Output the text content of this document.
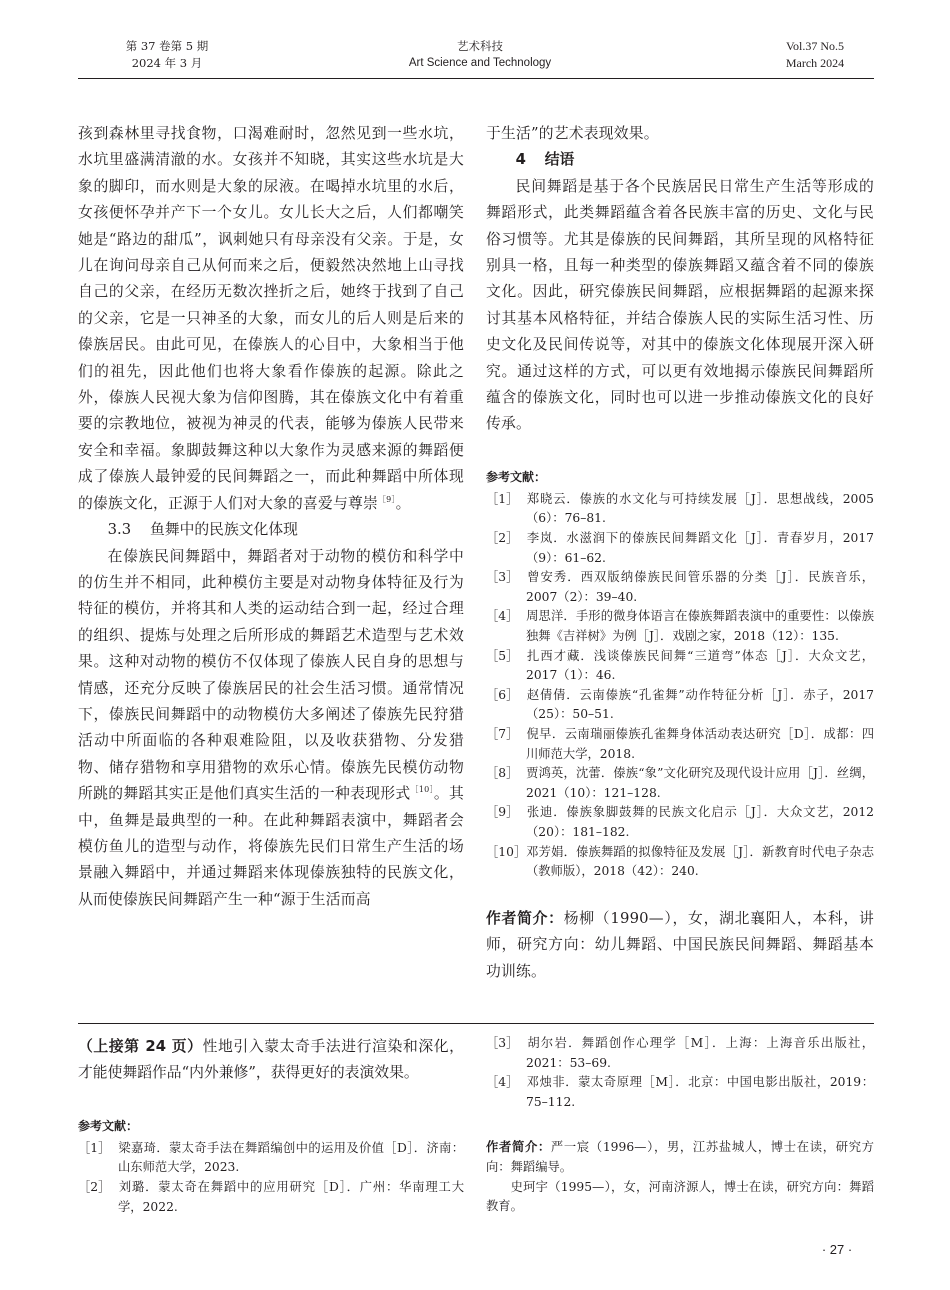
第 37 卷第 5 期
2024 年 3 月
艺术科技
Art Science and Technology
Vol.37 No.5
March 2024

孩到森林里寻找食物，口渴难耐时，忽然见到一些水坑，水坑里盛满清澈的水。女孩并不知晓，其实这些水坑是大象的脚印，而水则是大象的尿液。在喝掉水坑里的水后，女孩便怀孕并产下一个女儿。女儿长大之后，人们都嘲笑她是“路边的甜瓜”，讽刺她只有母亲没有父亲。于是，女儿在询问母亲自己从何而来之后，便毅然决然地上山寻找自己的父亲，在经历无数次挫折之后，她终于找到了自己的父亲，它是一只神圣的大象，而女儿的后人则是后来的傣族居民。由此可见，在傣族人的心目中，大象相当于他们的祖先，因此他们也将大象看作傣族的起源。除此之外，傣族人民视大象为信仰图腾，其在傣族文化中有着重要的宗教地位，被视为神灵的代表，能够为傣族人民带来安全和幸福。象脚鼓舞这种以大象作为灵感来源的舞蹈便成了傣族人最钟爱的民间舞蹈之一，而此种舞蹈中所体现的傣族文化，正源于人们对大象的喜爱与尊崇$^{[9]}$。

3.3 鱼舞中的民族文化体现

在傣族民间舞蹈中，舞蹈者对于动物的模仿和科学中的仿生并不相同，此种模仿主要是对动物身体特征及行为特征的模仿，并将其和人类的运动结合到一起，经过合理的组织、提炼与处理之后所形成的舞蹈艺术造型与艺术效果。这种对动物的模仿不仅体现了傣族人民自身的思想与情感，还充分反映了傣族居民的社会生活习惯。通常情况下，傣族民间舞蹈中的动物模仿大多阐述了傣族先民狩猎活动中所面临的各种艰难险阻，以及收获猎物、分发猎物、储存猎物和享用猎物的欢乐心情。傣族先民模仿动物所跳的舞蹈其实正是他们真实生活的一种表现形式$^{[10]}$。其中，鱼舞是最典型的一种。在此种舞蹈表演中，舞蹈者会模仿鱼儿的造型与动作，将傣族先民们日常生产生活的场景融入舞蹈中，并通过舞蹈来体现傣族独特的民族文化，从而使傣族民间舞蹈产生一种“源于生活而高

于生活”的艺术表现效果。

4 结语

民间舞蹈是基于各个民族居民日常生产生活等形成的舞蹈形式，此类舞蹈蕴含着各民族丰富的历史、文化与民俗习惯等。尤其是傣族的民间舞蹈，其所呈现的风格特征别具一格，且每一种类型的傣族舞蹈又蕴含着不同的傣族文化。因此，研究傣族民间舞蹈，应根据舞蹈的起源来探讨其基本风格特征，并结合傣族人民的实际生活习性、历史文化及民间传说等，对其中的傣族文化体现展开深入研究。通过这样的方式，可以更有效地揭示傣族民间舞蹈所蕴含的傣族文化，同时也可以进一步推动傣族文化的良好传承。

参考文献：
［1］ 郑晓云．傣族的水文化与可持续发展［J］．思想战线，2005（6）：76–81.
［2］ 李岚．水滋润下的傣族民间舞蹈文化［J］．青春岁月，2017（9）：61–62.
［3］ 曾安秀．西双版纳傣族民间管乐器的分类［J］．民族音乐，2007（2）：39–40.
［4］ 周思洋．手形的微身体语言在傣族舞蹈表演中的重要性：以傣族独舞《吉祥树》为例［J］．戏剧之家，2018（12）：135.
［5］ 扎西才藏．浅谈傣族民间舞“三道弯”体态［J］．大众文艺，2017（1）：46.
［6］ 赵倩倩．云南傣族“孔雀舞”动作特征分析［J］．赤子，2017（25）：50–51.
［7］ 倪早．云南瑞丽傣族孔雀舞身体活动表达研究［D］．成都：四川师范大学，2018.
［8］ 贾鸿英，沈蕾．傣族“象”文化研究及现代设计应用［J］．丝绸，2021（10）：121–128.
［9］ 张迪．傣族象脚鼓舞的民族文化启示［J］．大众文艺，2012（20）：181–182.
［10］邓芳娟．傣族舞蹈的拟像特征及发展［J］．新教育时代电子杂志（教师版），2018（42）：240.

作者简介：杨柳（1990—），女，湖北襄阳人，本科，讲师，研究方向：幼儿舞蹈、中国民族民间舞蹈、舞蹈基本功训练。

（上接第 24 页）性地引入蒙太奇手法进行渲染和深化，才能使舞蹈作品“内外兼修”，获得更好的表演效果。

参考文献：
［1］ 梁嘉琦．蒙太奇手法在舞蹈编创中的运用及价值［D］．济南：山东师范大学，2023.
［2］ 刘璐．蒙太奇在舞蹈中的应用研究［D］．广州：华南理工大学，2022.
［3］ 胡尔岩．舞蹈创作心理学［M］．上海：上海音乐出版社，2021：53–69.
［4］ 邓烛非．蒙太奇原理［M］．北京：中国电影出版社，2019：75–112.

作者简介：严一宸（1996—），男，江苏盐城人，博士在读，研究方向：舞蹈编导。

史珂宇（1995—），女，河南济源人，博士在读，研究方向：舞蹈教育。

· 27 ·
